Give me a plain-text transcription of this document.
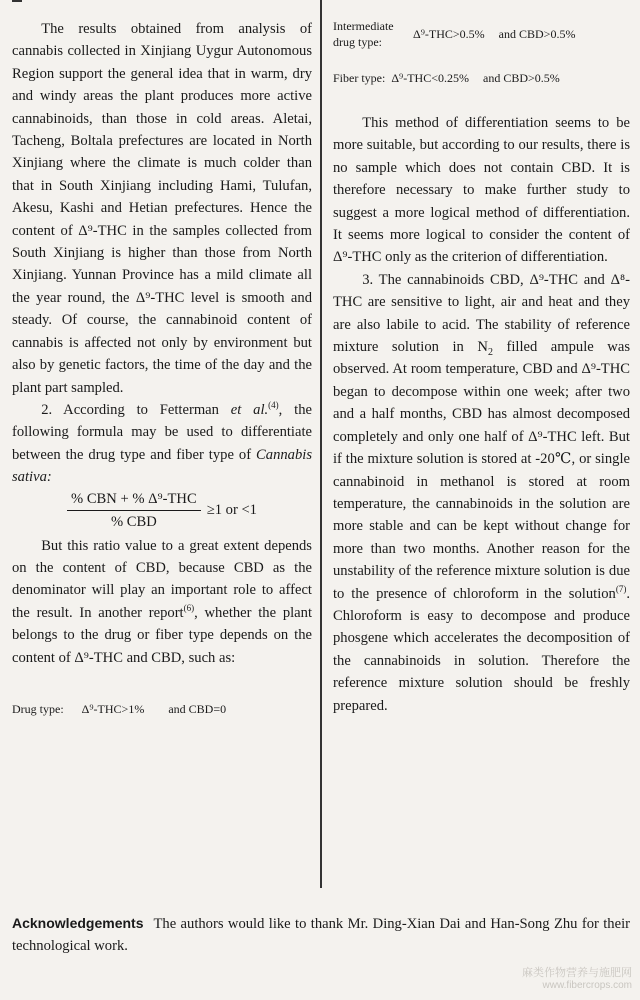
The results obtained from analysis of cannabis collected in Xinjiang Uygur Autonomous Region support the general idea that in warm, dry and windy areas the plant produces more active cannabinoids, than those in cold areas. Aletai, Tacheng, Boltala prefectures are located in North Xinjiang where the climate is much colder than that in South Xinjiang including Hami, Tulufan, Akesu, Kashi and Hetian prefectures. Hence the content of Δ⁹-THC in the samples collected from South Xinjiang is higher than those from North Xinjiang. Yunnan Province has a mild climate all the year round, the Δ⁹-THC level is smooth and steady. Of course, the cannabinoid content of cannabis is affected not only by environment but also by genetic factors, the time of the day and the plant part sampled.

2. According to Fetterman et al.$^{(4)}$, the following formula may be used to differentiate between the drug type and fiber type of Cannabis sativa:

$\frac{\text{\% CBN + \% Δ⁹-THC}}{\text{\% CBD}} \ge 1$ or <1

But this ratio value to a great extent depends on the content of CBD, because CBD as the denominator will play an important role to affect the result. In another report$^{(6)}$, whether the plant belongs to the drug or fiber type depends on the content of Δ⁹-THC and CBD, such as:

Drug type: Δ⁹-THC>1% and CBD=0
Intermediate drug type:
Δ⁹-THC>0.5% and CBD>0.5%
Fiber type: Δ⁹-THC<0.25% and CBD>0.5%

This method of differentiation seems to be more suitable, but according to our results, there is no sample which does not contain CBD. It is therefore necessary to make further study to suggest a more logical method of differentiation. It seems more logical to consider the content of Δ⁹-THC only as the criterion of differentiation.

3. The cannabinoids CBD, Δ⁹-THC and Δ⁸-THC are sensitive to light, air and heat and they are also labile to acid. The stability of reference mixture solution in $N_2$ filled ampule was observed. At room temperature, CBD and Δ⁹-THC began to decompose within one week; after two and a half months, CBD has almost decomposed completely and only one half of Δ⁹-THC left. But if the mixture solution is stored at -20℃, or single cannabinoid in methanol is stored at room temperature, the cannabinoids in the solution are more stable and can be kept without change for more than two months. Another reason for the unstability of the reference mixture solution is due to the presence of chloroform in the solution$^{(7)}$. Chloroform is easy to decompose and produce phosgene which accelerates the decomposition of the cannabinoids in solution. Therefore the reference mixture solution should be freshly prepared.

Acknowledgements The authors would like to thank Mr. Ding-Xian Dai and Han-Song Zhu for their technological work.
麻类作物营养与施肥网
www.fibercrops.com
